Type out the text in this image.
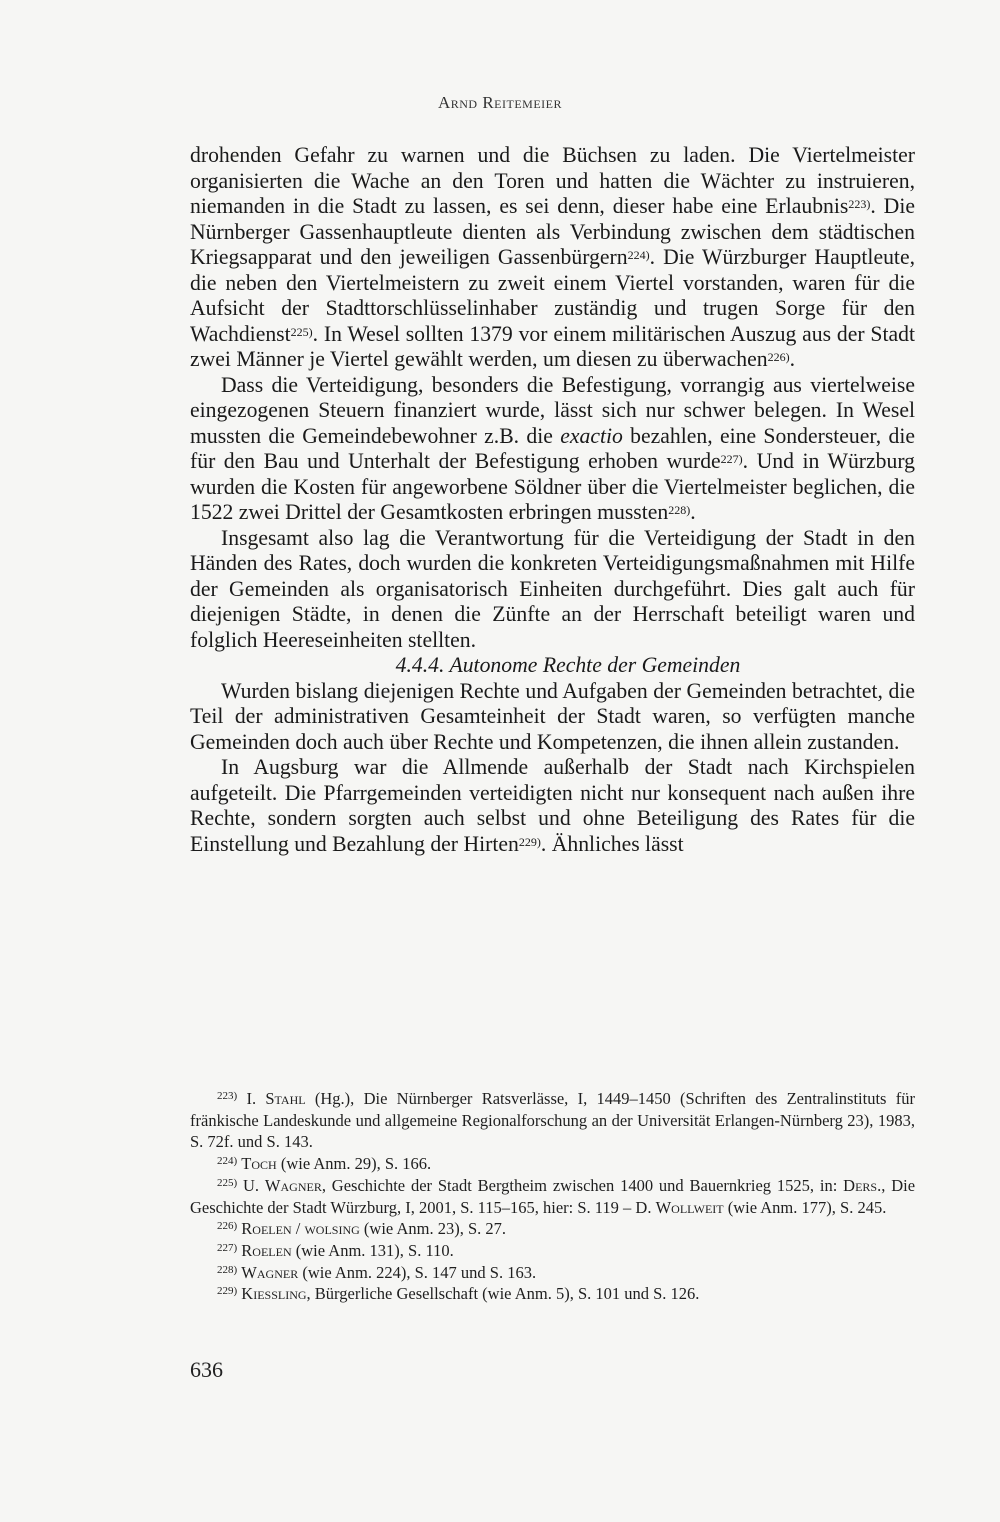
Arnd Reitemeier

drohenden Gefahr zu warnen und die Büchsen zu laden. Die Viertelmeister organisierten die Wache an den Toren und hatten die Wächter zu instruieren, niemanden in die Stadt zu lassen, es sei denn, dieser habe eine Erlaubnis$^{223)}$. Die Nürnberger Gassenhauptleute dienten als Verbindung zwischen dem städtischen Kriegsapparat und den jeweiligen Gassenbürgern$^{224)}$. Die Würzburger Hauptleute, die neben den Viertelmeistern zu zweit einem Viertel vorstanden, waren für die Aufsicht der Stadttorschlüsselinhaber zuständig und trugen Sorge für den Wachdienst$^{225)}$. In Wesel sollten 1379 vor einem militärischen Auszug aus der Stadt zwei Männer je Viertel gewählt werden, um diesen zu überwachen$^{226)}$.

Dass die Verteidigung, besonders die Befestigung, vorrangig aus viertelweise eingezogenen Steuern finanziert wurde, lässt sich nur schwer belegen. In Wesel mussten die Gemeindebewohner z.B. die exactio bezahlen, eine Sondersteuer, die für den Bau und Unterhalt der Befestigung erhoben wurde$^{227)}$. Und in Würzburg wurden die Kosten für angeworbene Söldner über die Viertelmeister beglichen, die 1522 zwei Drittel der Gesamtkosten erbringen mussten$^{228)}$.

Insgesamt also lag die Verantwortung für die Verteidigung der Stadt in den Händen des Rates, doch wurden die konkreten Verteidigungsmaßnahmen mit Hilfe der Gemeinden als organisatorisch Einheiten durchgeführt. Dies galt auch für diejenigen Städte, in denen die Zünfte an der Herrschaft beteiligt waren und folglich Heereseinheiten stellten.

4.4.4. Autonome Rechte der Gemeinden

Wurden bislang diejenigen Rechte und Aufgaben der Gemeinden betrachtet, die Teil der administrativen Gesamteinheit der Stadt waren, so verfügten manche Gemeinden doch auch über Rechte und Kompetenzen, die ihnen allein zustanden.

In Augsburg war die Allmende außerhalb der Stadt nach Kirchspielen aufgeteilt. Die Pfarrgemeinden verteidigten nicht nur konsequent nach außen ihre Rechte, sondern sorgten auch selbst und ohne Beteiligung des Rates für die Einstellung und Bezahlung der Hirten$^{229)}$. Ähnliches lässt

$^{223)}$ I. Stahl (Hg.), Die Nürnberger Ratsverlässe, I, 1449–1450 (Schriften des Zentralinstituts für fränkische Landeskunde und allgemeine Regionalforschung an der Universität Erlangen-Nürnberg 23), 1983, S. 72f. und S. 143.

$^{224)}$ Toch (wie Anm. 29), S. 166.

$^{225)}$ U. Wagner, Geschichte der Stadt Bergtheim zwischen 1400 und Bauernkrieg 1525, in: Ders., Die Geschichte der Stadt Würzburg, I, 2001, S. 115–165, hier: S. 119 – D. Wollweit (wie Anm. 177), S. 245.

$^{226)}$ Roelen / wolsing (wie Anm. 23), S. 27.

$^{227)}$ Roelen (wie Anm. 131), S. 110.

$^{228)}$ Wagner (wie Anm. 224), S. 147 und S. 163.

$^{229)}$ Kießling, Bürgerliche Gesellschaft (wie Anm. 5), S. 101 und S. 126.

636
